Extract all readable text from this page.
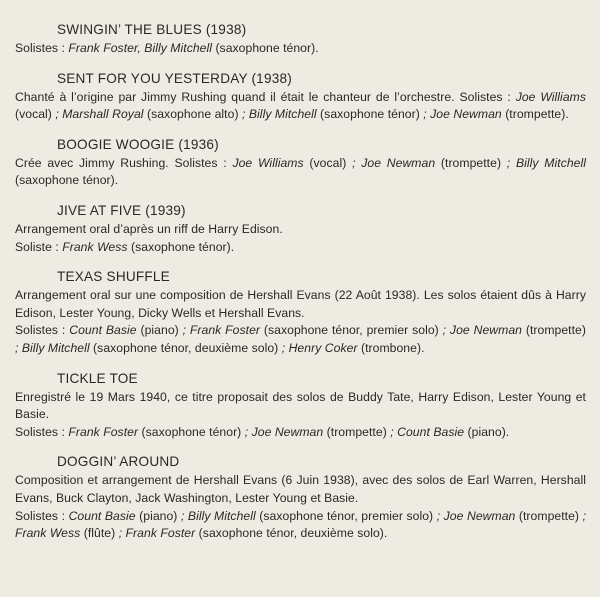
SWINGIN’ THE BLUES (1938)

Solistes : Frank Foster, Billy Mitchell (saxophone ténor).

SENT FOR YOU YESTERDAY (1938)

Chanté à l’origine par Jimmy Rushing quand il était le chanteur de l’orchestre. Solistes : Joe Williams (vocal) ; Marshall Royal (saxophone alto) ; Billy Mitchell (saxophone ténor) ; Joe Newman (trompette).

BOOGIE WOOGIE (1936)

Crée avec Jimmy Rushing. Solistes : Joe Williams (vocal) ; Joe Newman (trompette) ; Billy Mitchell (saxophone ténor).

JIVE AT FIVE (1939)

Arrangement oral d’après un riff de Harry Edison.
Soliste : Frank Wess (saxophone ténor).

TEXAS SHUFFLE

Arrangement oral sur une composition de Hershall Evans (22 Août 1938). Les solos étaient dûs à Harry Edison, Lester Young, Dicky Wells et Hershall Evans.
Solistes : Count Basie (piano) ; Frank Foster (saxophone ténor, premier solo) ; Joe Newman (trompette) ; Billy Mitchell (saxophone ténor, deuxième solo) ; Henry Coker (trombone).

TICKLE TOE

Enregistré le 19 Mars 1940, ce titre proposait des solos de Buddy Tate, Harry Edison, Lester Young et Basie.
Solistes : Frank Foster (saxophone ténor) ; Joe Newman (trompette) ; Count Basie (piano).

DOGGIN’ AROUND

Composition et arrangement de Hershall Evans (6 Juin 1938), avec des solos de Earl Warren, Hershall Evans, Buck Clayton, Jack Washington, Lester Young et Basie.
Solistes : Count Basie (piano) ; Billy Mitchell (saxophone ténor, premier solo) ; Joe Newman (trompette) ; Frank Wess (flûte) ; Frank Foster (saxophone ténor, deuxième solo).
